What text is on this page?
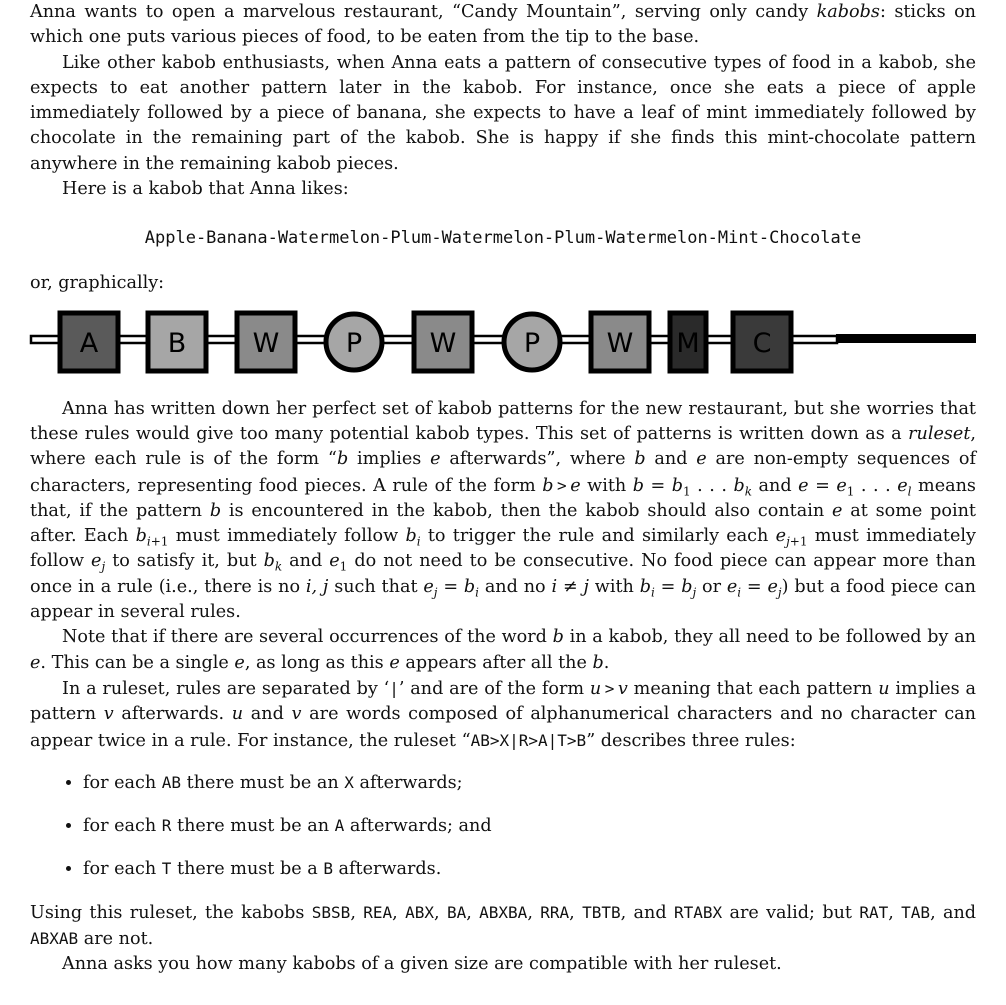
Anna wants to open a marvelous restaurant, “Candy Mountain”, serving only candy kabobs: sticks on which one puts various pieces of food, to be eaten from the tip to the base.

Like other kabob enthusiasts, when Anna eats a pattern of consecutive types of food in a kabob, she expects to eat another pattern later in the kabob. For instance, once she eats a piece of apple immediately followed by a piece of banana, she expects to have a leaf of mint immediately followed by chocolate in the remaining part of the kabob. She is happy if she finds this mint-chocolate pattern anywhere in the remaining kabob pieces.

Here is a kabob that Anna likes:

Apple-Banana-Watermelon-Plum-Watermelon-Plum-Watermelon-Mint-Chocolate

or, graphically:

A	B W P	W	P W M C

Anna has written down her perfect set of kabob patterns for the new restaurant, but she worries that these rules would give too many potential kabob types. This set of patterns is written down as a ruleset, where each rule is of the form “b implies e afterwards”, where b and e are non-empty sequences of characters, representing food pieces. A rule of the form b  >  e with $b = b_1$ . . . $b_k$ and $e = e_1$ . . . $e_l$ means that, if the pattern b is encountered in the kabob, then the kabob should also contain e at some point after. Each $b_{i+1}$ must immediately follow $b_i$ to trigger the rule and similarly each $e_{j+1}$ must immediately follow $e_j$ to satisfy it, but $b_k$ and $e_1$ do not need to be consecutive. No food piece can appear more than once in a rule (i.e., there is no i, j such that $e_j = b_i$ and no i ≠ j with $b_i = b_j$ or $e_i = e_j$) but a food piece can appear in several rules.

Note that if there are several occurrences of the word b in a kabob, they all need to be followed by an e. This can be a single e, as long as this e appears after all the b.

In a ruleset, rules are separated by ‘|’ and are of the form u  >  v meaning that each pattern u implies a pattern v afterwards. u and v are words composed of alphanumerical characters and no character can appear twice in a rule. For instance, the ruleset “AB>X|R>A|T>B” describes three rules:

• for each AB there must be an X afterwards;
• for each R there must be an A afterwards; and
• for each T there must be a B afterwards.

Using this ruleset, the kabobs SBSB, REA, ABX, BA, ABXBA, RRA, TBTB, and RTABX are valid; but RAT, TAB, and ABXAB are not.

Anna asks you how many kabobs of a given size are compatible with her ruleset.
